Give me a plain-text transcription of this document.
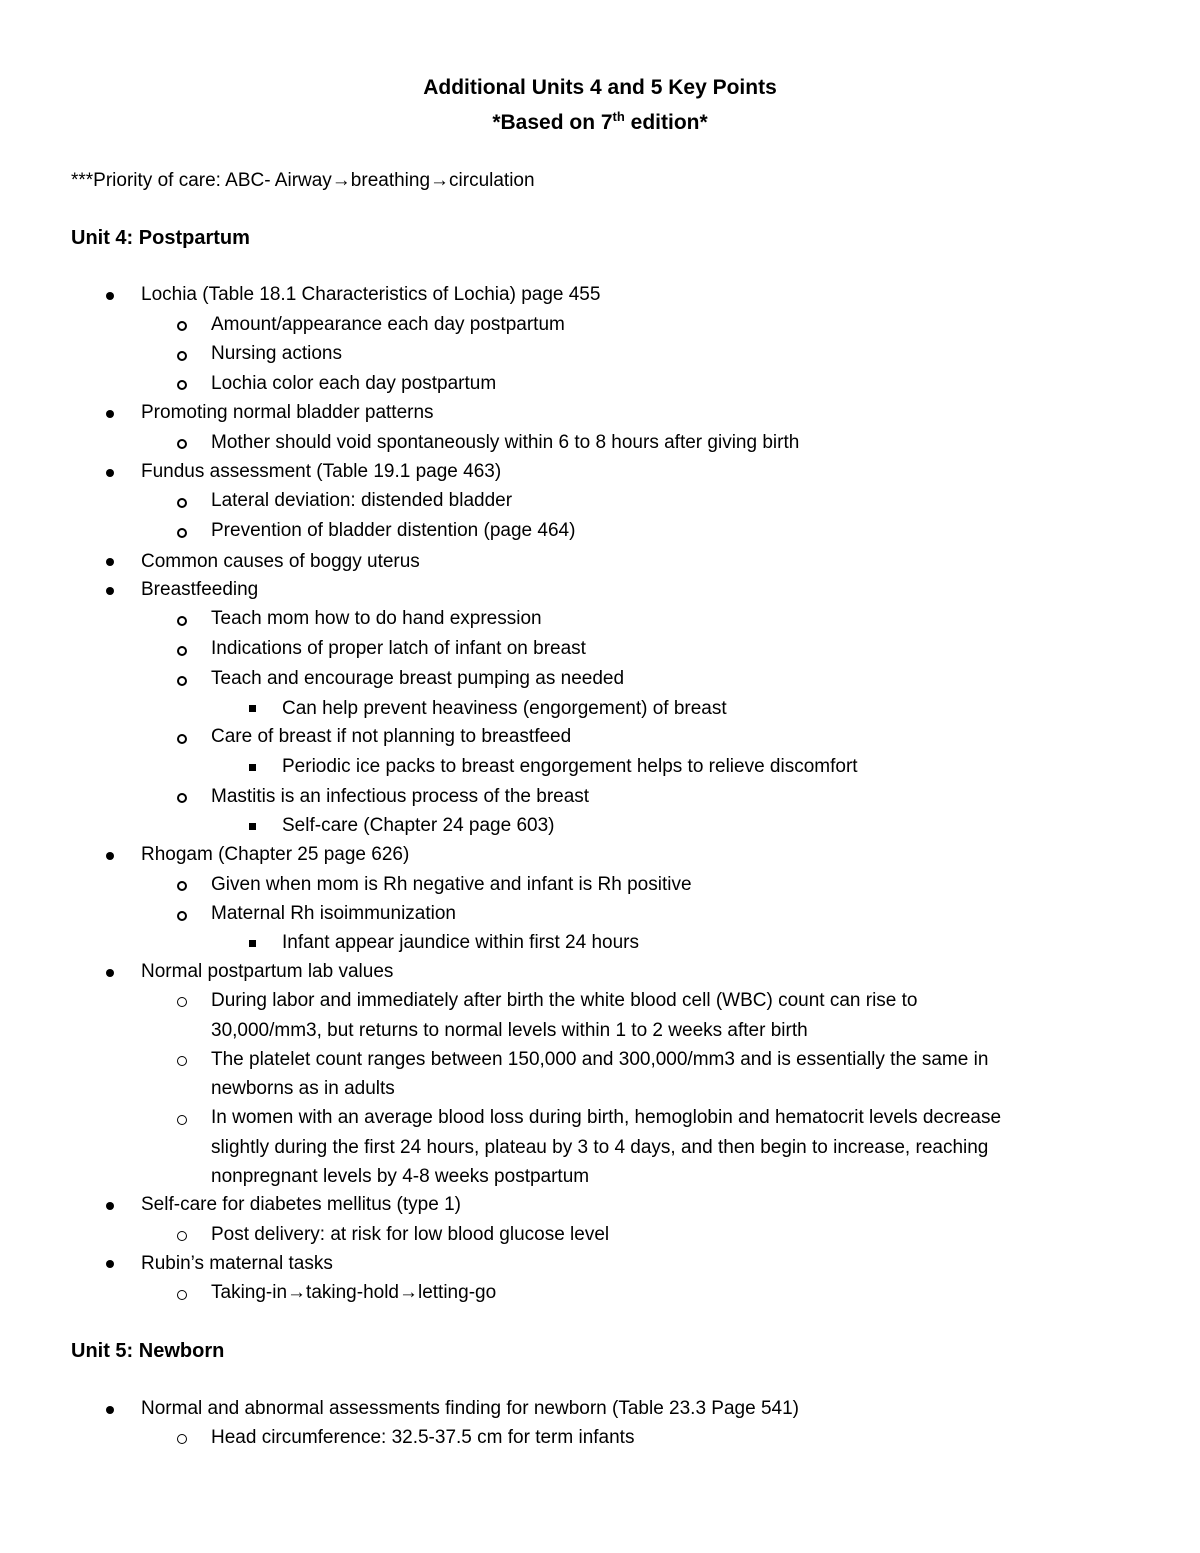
Additional Units 4 and 5 Key Points
*Based on 7th edition*
***Priority of care: ABC- Airway→breathing→circulation
Unit 4: Postpartum
Lochia (Table 18.1 Characteristics of Lochia) page 455
Amount/appearance each day postpartum
Nursing actions
Lochia color each day postpartum
Promoting normal bladder patterns
Mother should void spontaneously within 6 to 8 hours after giving birth
Fundus assessment (Table 19.1 page 463)
Lateral deviation: distended bladder
Prevention of bladder distention (page 464)
Common causes of boggy uterus
Breastfeeding
Teach mom how to do hand expression
Indications of proper latch of infant on breast
Teach and encourage breast pumping as needed
Can help prevent heaviness (engorgement) of breast
Care of breast if not planning to breastfeed
Periodic ice packs to breast engorgement helps to relieve discomfort
Mastitis is an infectious process of the breast
Self-care (Chapter 24 page 603)
Rhogam (Chapter 25 page 626)
Given when mom is Rh negative and infant is Rh positive
Maternal Rh isoimmunization
Infant appear jaundice within first 24 hours
Normal postpartum lab values
During labor and immediately after birth the white blood cell (WBC) count can rise to
30,000/mm3, but returns to normal levels within 1 to 2 weeks after birth
The platelet count ranges between 150,000 and 300,000/mm3 and is essentially the same in
newborns as in adults
In women with an average blood loss during birth, hemoglobin and hematocrit levels decrease
slightly during the first 24 hours, plateau by 3 to 4 days, and then begin to increase, reaching
nonpregnant levels by 4-8 weeks postpartum
Self-care for diabetes mellitus (type 1)
Post delivery: at risk for low blood glucose level
Rubin’s maternal tasks
Taking-in→taking-hold→letting-go
Unit 5: Newborn
Normal and abnormal assessments finding for newborn (Table 23.3 Page 541)
Head circumference: 32.5-37.5 cm for term infants
